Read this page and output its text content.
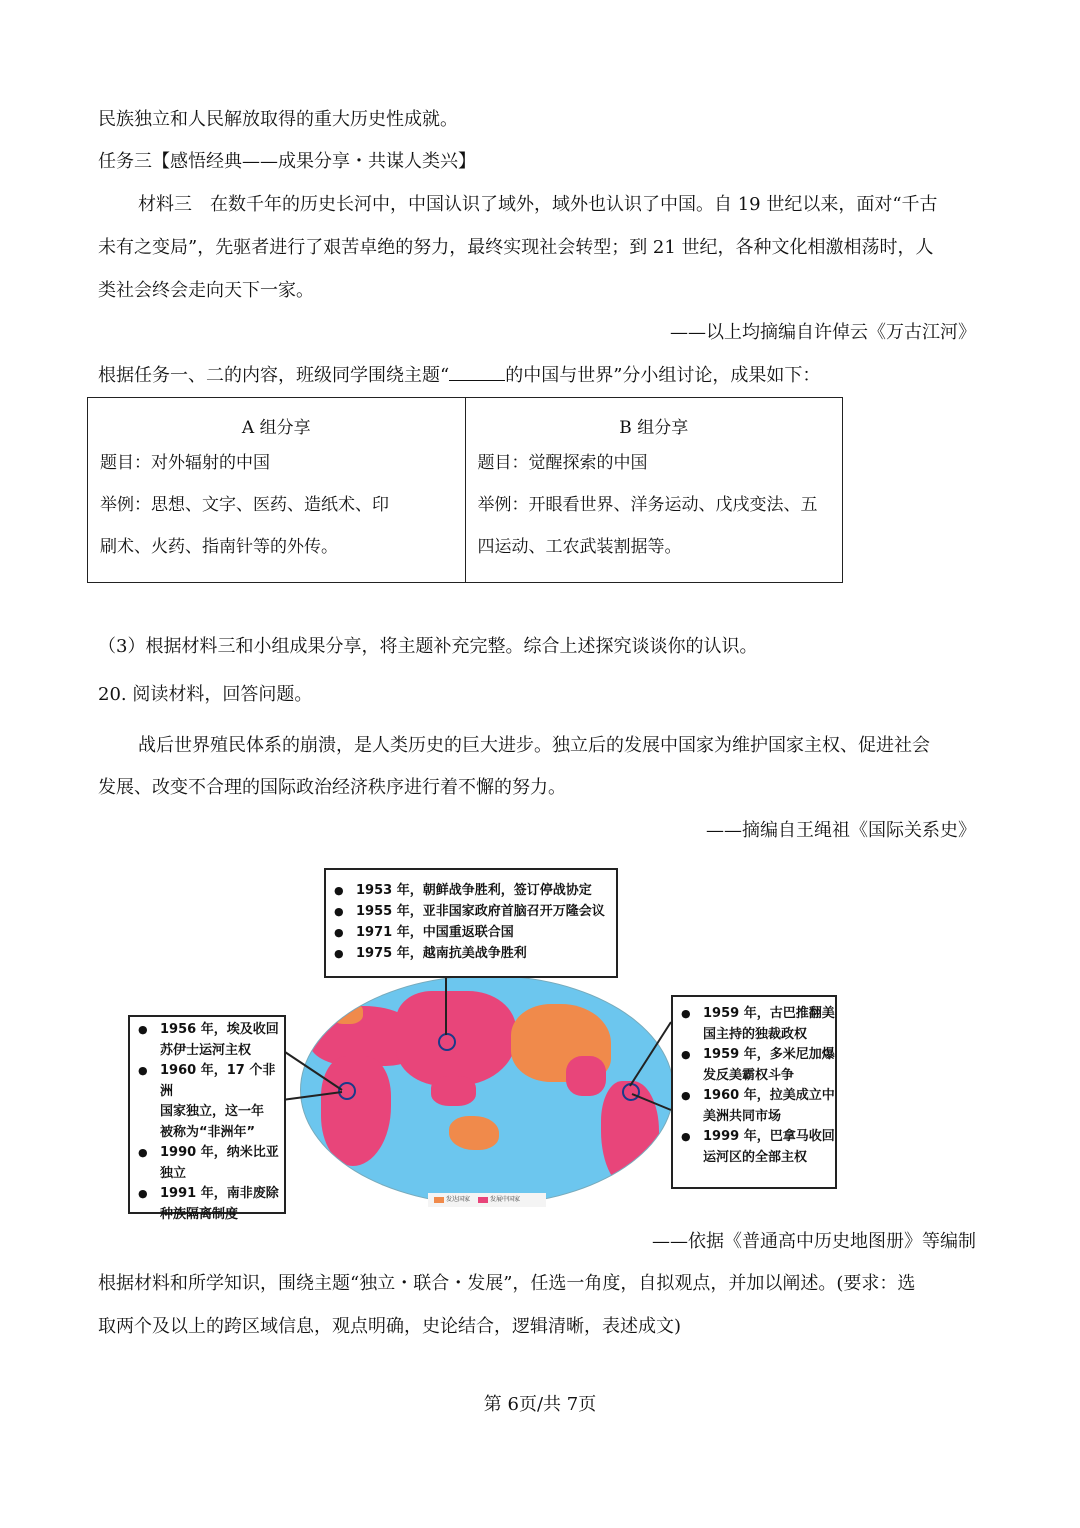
民族独立和人民解放取得的重大历史性成就。
任务三【感悟经典——成果分享・共谋人类兴】
材料三　在数千年的历史长河中，中国认识了域外，域外也认识了中国。自 19 世纪以来，面对“千古
未有之变局”，先驱者进行了艰苦卓绝的努力，最终实现社会转型；到 21 世纪，各种文化相激相荡时，人
类社会终会走向天下一家。
——以上均摘编自许倬云《万古江河》
根据任务一、二的内容，班级同学围绕主题“	的中国与世界”分小组讨论，成果如下：
A 组分享
题目：对外辐射的中国
举例：思想、文字、医药、造纸术、印
刷术、火药、指南针等的外传。

B 组分享
题目：觉醒探索的中国
举例：开眼看世界、洋务运动、戊戌变法、五
四运动、工农武装割据等。
（3）根据材料三和小组成果分享，将主题补充完整。综合上述探究谈谈你的认识。
20. 阅读材料，回答问题。
战后世界殖民体系的崩溃，是人类历史的巨大进步。独立后的发展中国家为维护国家主权、促进社会
发展、改变不合理的国际政治经济秩序进行着不懈的努力。
——摘编自王绳祖《国际关系史》
发达国家	发展中国家
● 1953 年，朝鲜战争胜利，签订停战协定
● 1955 年，亚非国家政府首脑召开万隆会议
● 1971 年，中国重返联合国
● 1975 年，越南抗美战争胜利
● 1956 年，埃及收回
苏伊士运河主权
● 1960 年，17 个非洲
国家独立，这一年
被称为“非洲年”
● 1990 年，纳米比亚
独立
● 1991 年，南非废除
种族隔离制度
● 1959 年，古巴推翻美
国主持的独裁政权
● 1959 年，多米尼加爆
发反美霸权斗争
● 1960 年，拉美成立中
美洲共同市场
● 1999 年，巴拿马收回
运河区的全部主权
——依据《普通高中历史地图册》等编制
根据材料和所学知识，围绕主题“独立・联合・发展”，任选一角度，自拟观点，并加以阐述。(要求：选
取两个及以上的跨区域信息，观点明确，史论结合，逻辑清晰，表述成文)
第 6页/共 7页
